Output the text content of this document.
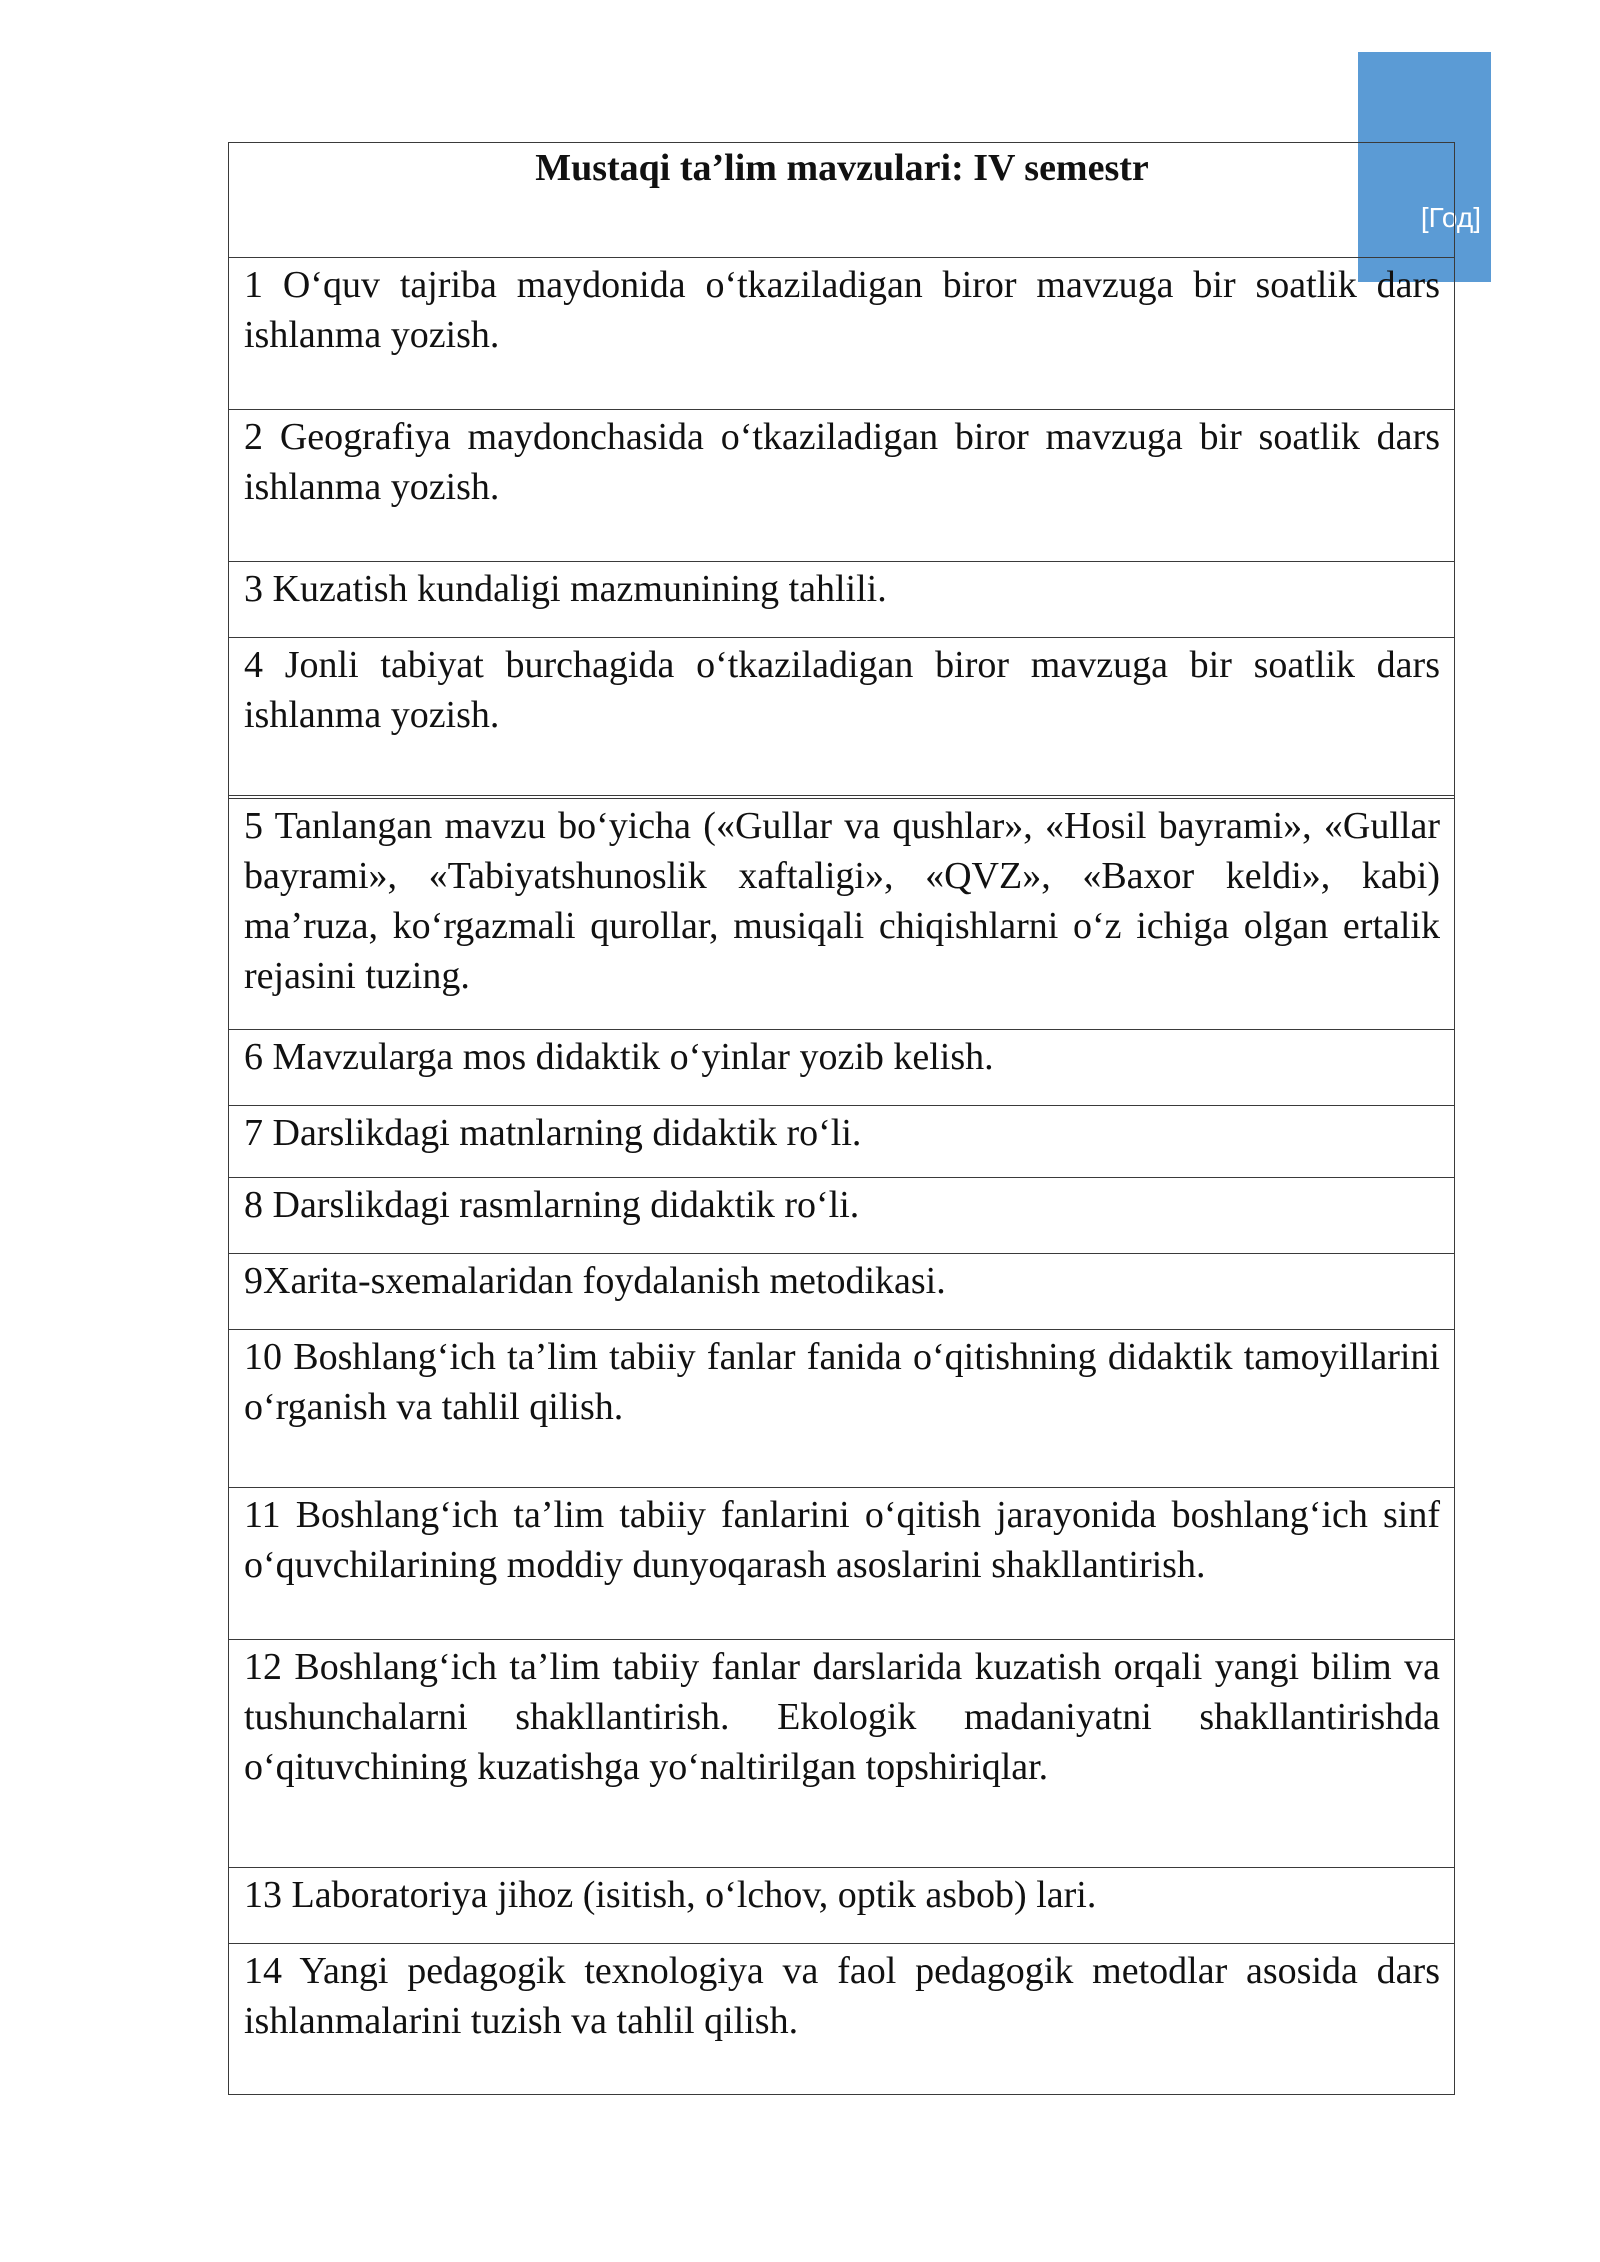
[Год]
Mustaqi ta’lim mavzulari: IV semestr
1 O‘quv tajriba maydonida o‘tkaziladigan biror mavzuga bir soatlik dars ishlanma yozish.
2 Geografiya maydonchasida o‘tkaziladigan biror mavzuga bir soatlik dars ishlanma yozish.
3 Kuzatish kundaligi mazmunining tahlili.
4 Jonli tabiyat burchagida o‘tkaziladigan biror mavzuga bir soatlik dars ishlanma yozish.
5 Tanlangan mavzu bo‘yicha («Gullar va qushlar», «Hosil bayrami», «Gullar bayrami», «Tabiyatshunoslik xaftaligi», «QVZ», «Baxor keldi», kabi) ma’ruza, ko‘rgazmali qurollar, musiqali chiqishlarni o‘z ichiga olgan ertalik rejasini tuzing.
6 Mavzularga mos didaktik o‘yinlar yozib kelish.
7 Darslikdagi matnlarning didaktik ro‘li.
8 Darslikdagi rasmlarning didaktik ro‘li.
9Xarita-sxemalaridan foydalanish metodikasi.
10 Boshlang‘ich ta’lim tabiiy fanlar fanida o‘qitishning didaktik tamoyillarini o‘rganish va tahlil qilish.
11 Boshlang‘ich ta’lim tabiiy fanlarini o‘qitish jarayonida boshlang‘ich sinf o‘quvchilarining moddiy dunyoqarash asoslarini shakllantirish.
12 Boshlang‘ich ta’lim tabiiy fanlar darslarida kuzatish orqali yangi bilim va tushunchalarni shakllantirish. Ekologik madaniyatni shakllantirishda o‘qituvchining kuzatishga yo‘naltirilgan topshiriqlar.
13 Laboratoriya jihoz (isitish, o‘lchov, optik asbob) lari.
14 Yangi pedagogik texnologiya va faol pedagogik metodlar asosida dars ishlanmalarini tuzish va tahlil qilish.
